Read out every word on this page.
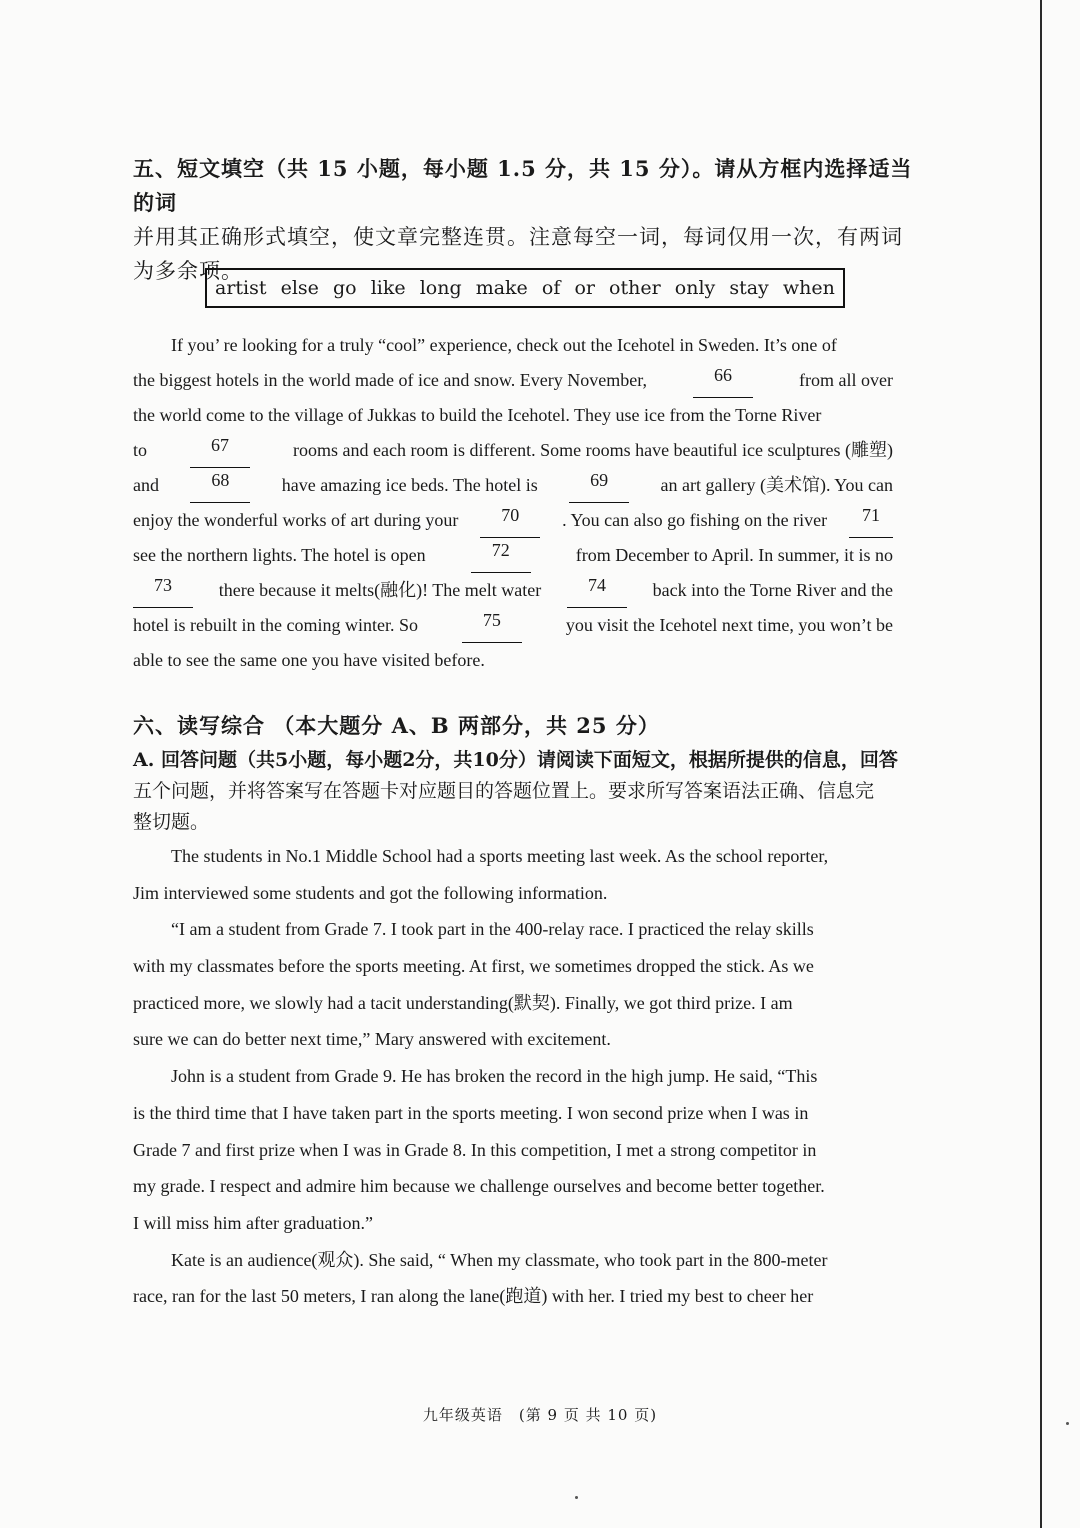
五、短文填空（共 15 小题，每小题 1.5 分，共 15 分）。请从方框内选择适当的词
并用其正确形式填空，使文章完整连贯。注意每空一词，每词仅用一次，有两词
为多余项。
artist else go like long make of or other only stay when
If you’ re looking for a truly “cool” experience, check out the Icehotel in Sweden. It’s one of
the biggest hotels in the world made of ice and snow. Every November,	66	from all over
the world come to the village of Jukkas to build the Icehotel. They use ice from the Torne River
to	67	rooms and each room is different. Some rooms have beautiful ice sculptures (雕塑)
and	68	have amazing ice beds. The hotel is	69	an art gallery (美术馆). You can
enjoy the wonderful works of art during your	70	. You can also go fishing on the river	71
see the northern lights. The hotel is open	72	from December to April. In summer, it is no
73	there because it melts(融化)! The melt water	74	back into the Torne River and the
hotel is rebuilt in the coming winter. So	75	you visit the Icehotel next time, you won’t be
able to see the same one you have visited before.
六、读写综合 （本大题分 A、B 两部分，共 25 分）
A. 回答问题（共5小题，每小题2分，共10分）请阅读下面短文，根据所提供的信息，回答
五个问题，并将答案写在答题卡对应题目的答题位置上。要求所写答案语法正确、信息完
整切题。
The students in No.1 Middle School had a sports meeting last week. As the school reporter,
Jim interviewed some students and got the following information.
“I am a student from Grade 7. I took part in the 400-relay race. I practiced the relay skills
with my classmates before the sports meeting. At first, we sometimes dropped the stick. As we
practiced more, we slowly had a tacit understanding(默契). Finally, we got third prize. I am
sure we can do better next time,” Mary answered with excitement.
John is a student from Grade 9. He has broken the record in the high jump. He said, “This
is the third time that I have taken part in the sports meeting. I won second prize when I was in
Grade 7 and first prize when I was in Grade 8. In this competition, I met a strong competitor in
my grade. I respect and admire him because we challenge ourselves and become better together.
I will miss him after graduation.”
Kate is an audience(观众). She said, “ When my classmate, who took part in the 800-meter
race, ran for the last 50 meters, I ran along the lane(跑道) with her. I tried my best to cheer her
九年级英语　(第 9 页 共 10 页)
